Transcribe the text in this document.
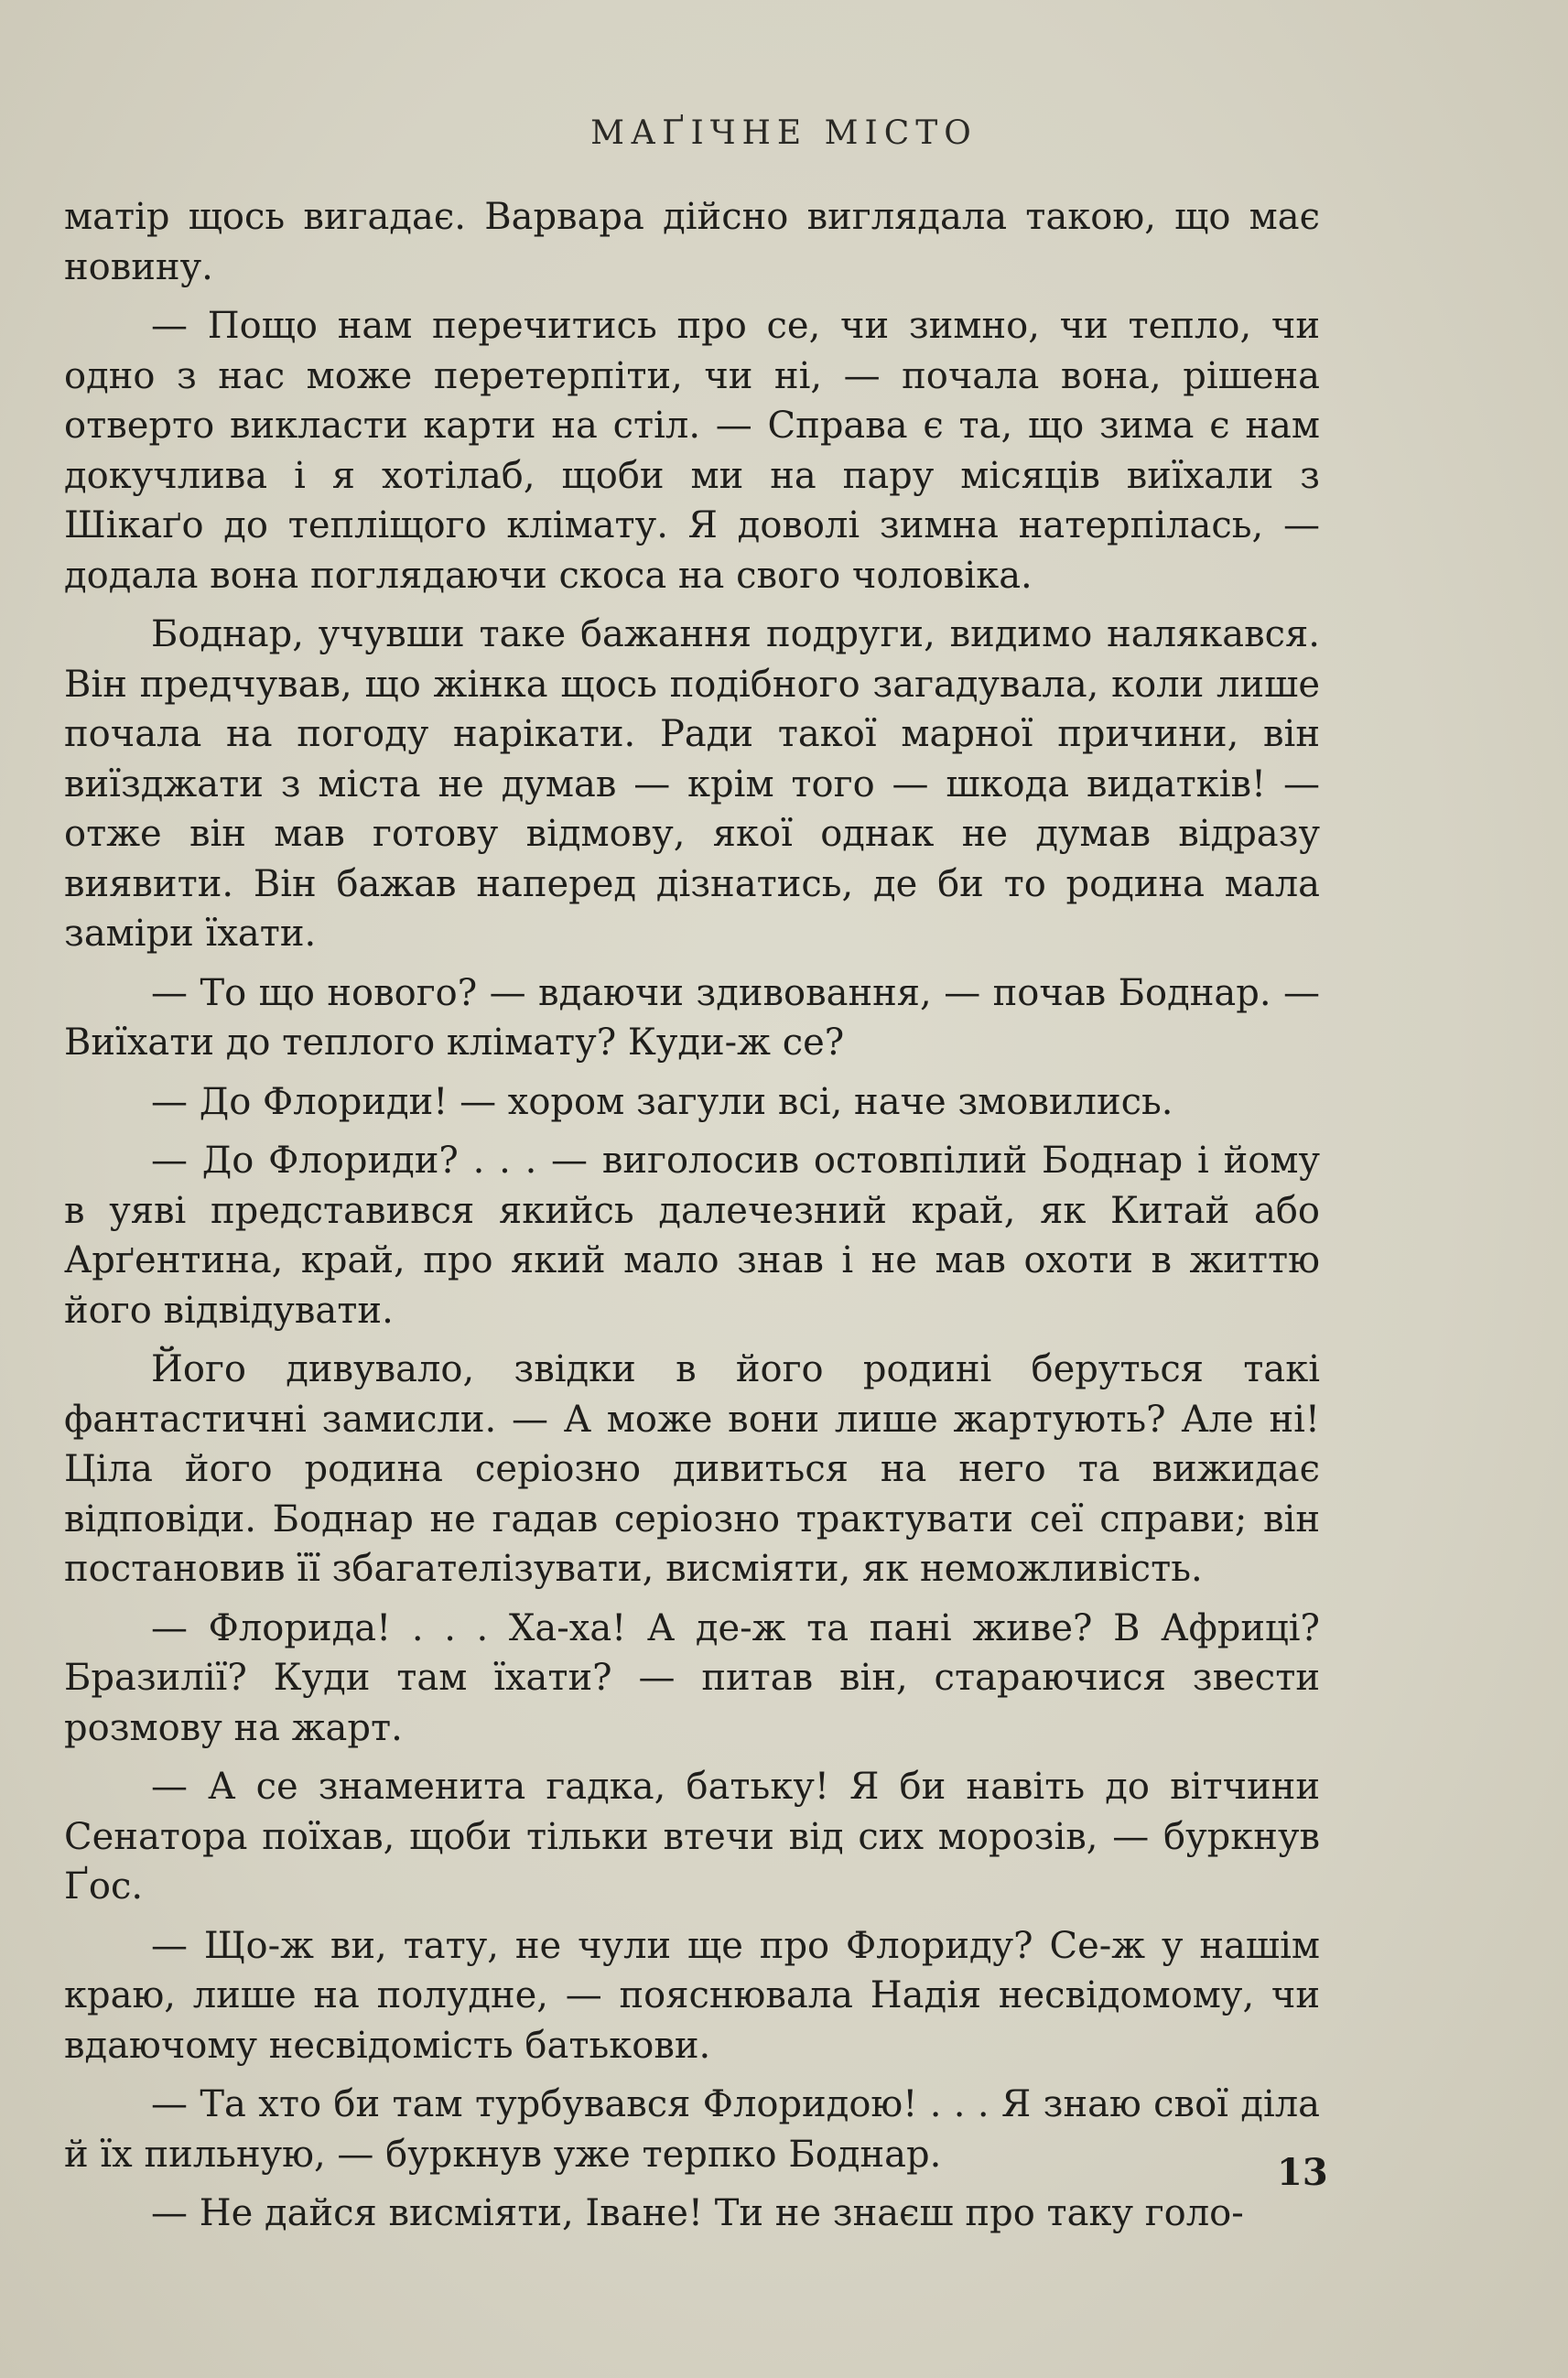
МАҐІЧНЕ МІСТО

матір щось вигадає. Варвара дійсно виглядала такою, що має новину.

— Пощо нам перечитись про се, чи зимно, чи тепло, чи одно з нас може перетерпіти, чи ні, — почала вона, рішена отверто викласти карти на стіл. — Справа є та, що зима є нам докучлива і я хотілаб, щоби ми на пару місяців виїхали з Шікаґо до тепліщого клімату. Я доволі зимна натерпілась, — додала вона поглядаючи скоса на свого чоловіка.

Боднар, учувши таке бажання подруги, видимо налякався. Він предчував, що жінка щось подібного загадувала, коли лише почала на погоду нарікати. Ради такої марної причини, він виїзджати з міста не думав — крім того — шкода видатків! — отже він мав готову відмову, якої однак не думав відразу виявити. Він бажав наперед дізнатись, де би то родина мала заміри їхати.

— То що нового? — вдаючи здивовання, — почав Боднар. — Виїхати до теплого клімату? Куди-ж се?

— До Флориди! — хором загули всі, наче змовились.

— До Флориди? . . . — виголосив остовпілий Боднар і йому в уяві представився якийсь далечезний край, як Китай або Арґентина, край, про який мало знав і не мав охоти в життю його відвідувати.

Його дивувало, звідки в його родині беруться такі фантастичні замисли. — А може вони лише жартують? Але ні! Ціла його родина серіозно дивиться на него та вижидає відповіди. Боднар не гадав серіозно трактувати сеї справи; він постановив її збагателізувати, висміяти, як неможливість.

— Флорида! . . . Ха-ха! А де-ж та пані живе? В Африці? Бразилії? Куди там їхати? — питав він, стараючися звести розмову на жарт.

— А се знаменита гадка, батьку! Я би навіть до вітчини Сенатора поїхав, щоби тільки втечи від сих морозів, — буркнув Ґос.

— Що-ж ви, тату, не чули ще про Флориду? Се-ж у нашім краю, лише на полудне, — пояснювала Надія несвідомому, чи вдаючому несвідомість батькови.

— Та хто би там турбувався Флоридою! . . . Я знаю свої діла й їх пильную, — буркнув уже терпко Боднар.

— Не дайся висміяти, Іване! Ти не знаєш про таку голо-

13
